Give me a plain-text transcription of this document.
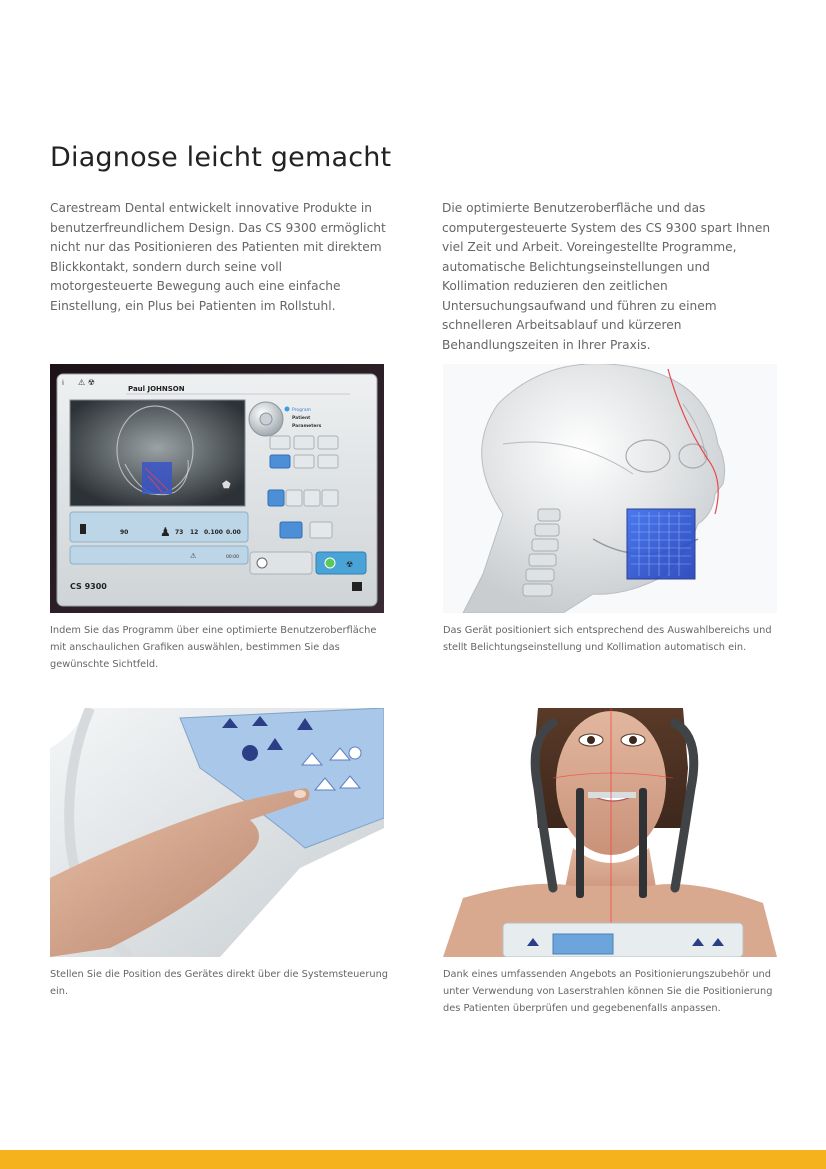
Diagnose leicht gemacht

Carestream Dental entwickelt innovative Produkte in benutzerfreundlichem Design. Das CS 9300 ermöglicht nicht nur das Positionieren des Patienten mit direktem Blickkontakt, sondern durch seine voll motorgesteuerte Bewegung auch eine einfache Einstellung, ein Plus bei Patienten im Rollstuhl.

Die optimierte Benutzeroberfläche und das computergesteuerte System des CS 9300 spart Ihnen viel Zeit und Arbeit. Voreingestellte Programme, automatische Belichtungseinstellungen und Kollimation reduzieren den zeitlichen Untersuchungsaufwand und führen zu einem schnelleren Arbeitsablauf und kürzeren Behandlungszeiten in Ihrer Praxis.

i ⚠ ☢
Paul JOHNSON
⬟
Program
Patient
Parameters
90	♟ 73 12 0.100 0.00
⚠	00:00
☢
CS 9300

Indem Sie das Programm über eine optimierte Benutzeroberfläche mit anschaulichen Grafiken auswählen, bestimmen Sie das gewünschte Sichtfeld.

Das Gerät positioniert sich entsprechend des Auswahlbereichs und stellt Belichtungseinstellung und Kollimation automatisch ein.

Stellen Sie die Position des Gerätes direkt über die Systemsteuerung ein.

Dank eines umfassenden Angebots an Positionierungszubehör und unter Verwendung von Laserstrahlen können Sie die Positionierung des Patienten überprüfen und gegebenenfalls anpassen.
